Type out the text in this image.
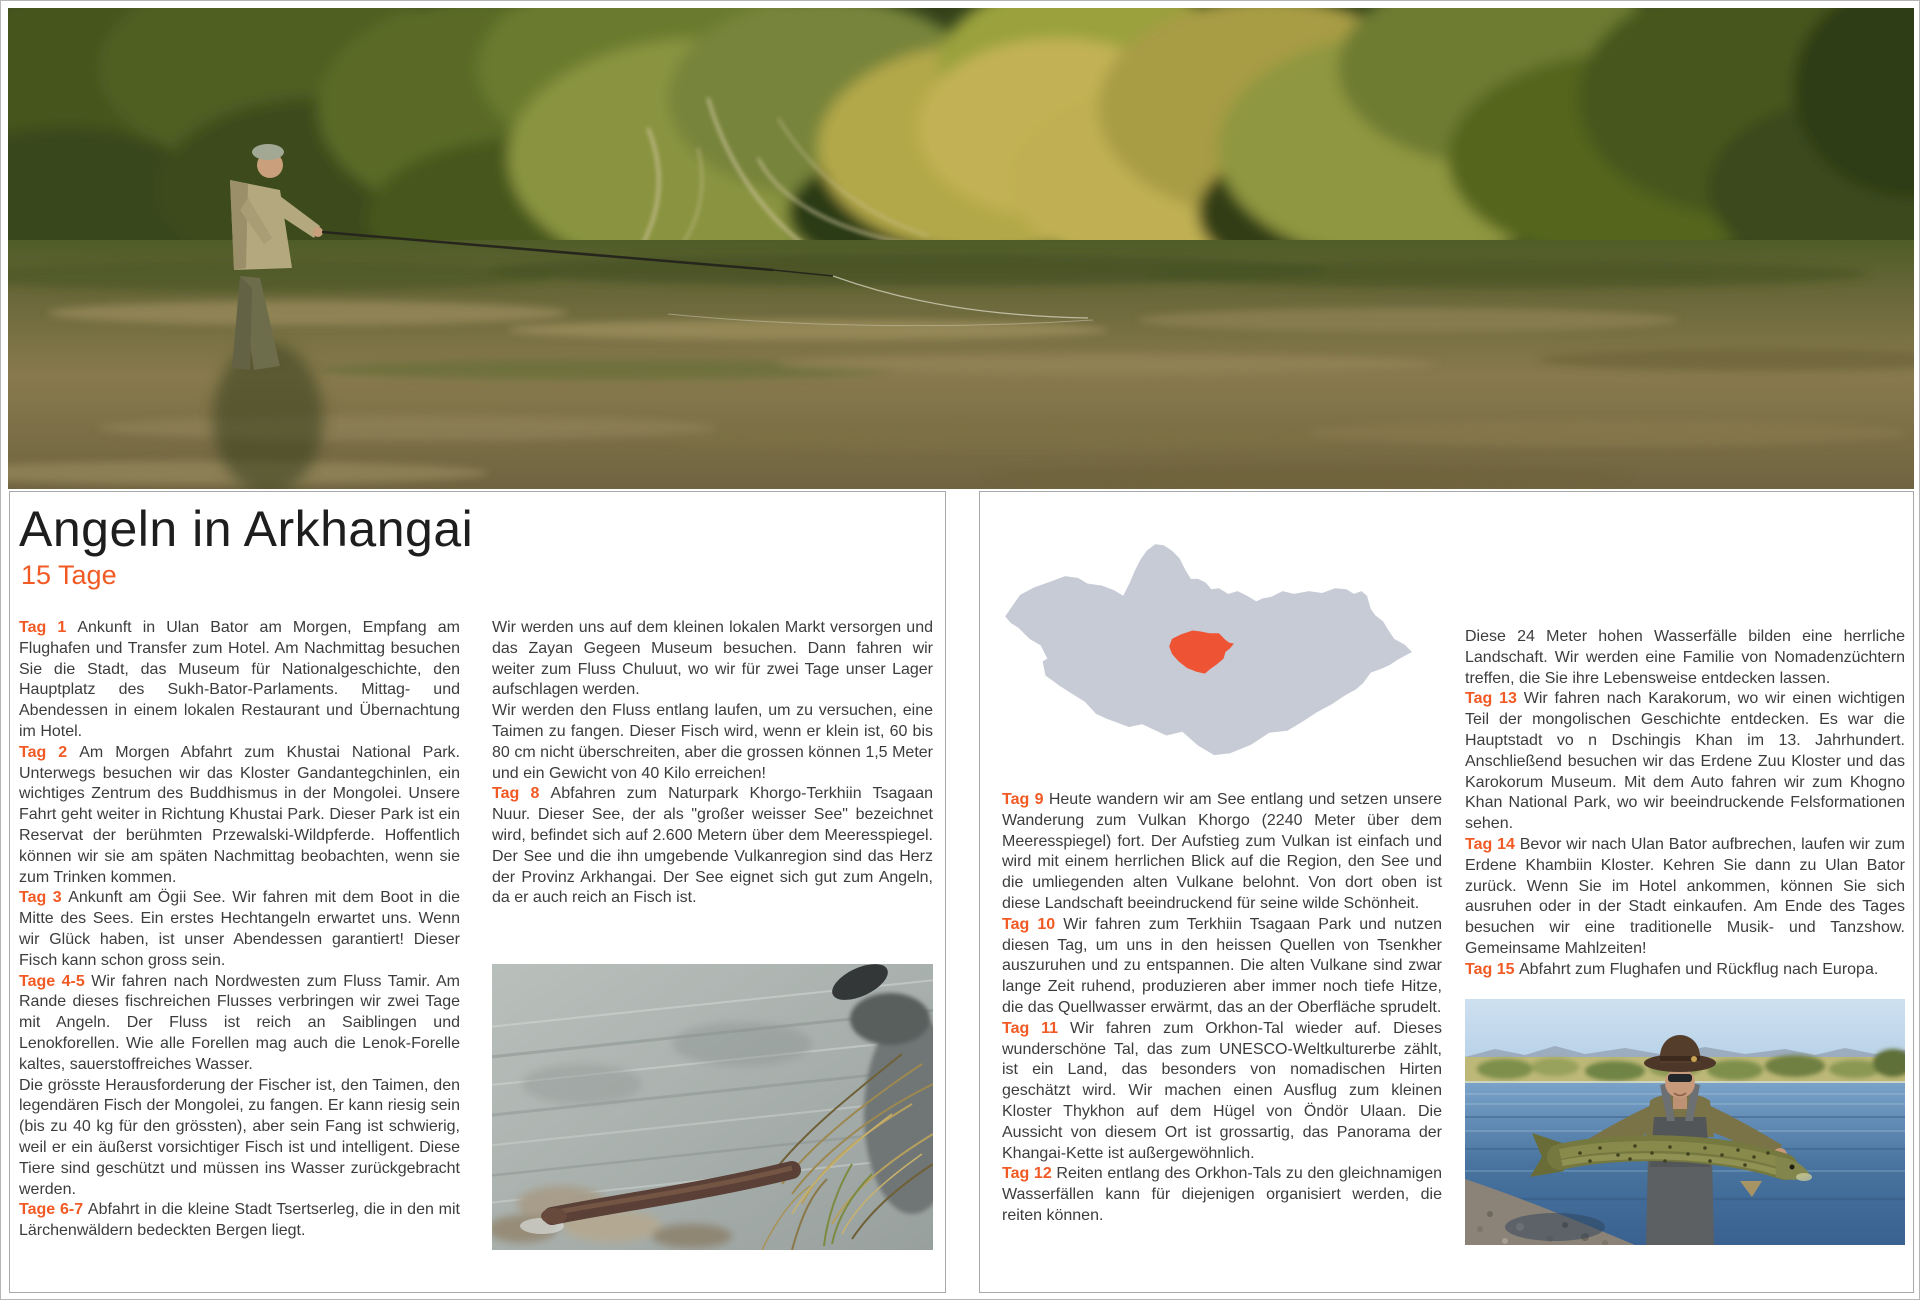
Angeln in Arkhangai
15 Tage

Tag 1 Ankunft in Ulan Bator am Morgen, Empfang am Flughafen und Transfer zum Hotel. Am Nachmittag besuchen Sie die Stadt, das Museum für Nationalgeschichte, den Hauptplatz des Sukh-Bator-Parlaments. Mittag- und Abendessen in einem lokalen Restaurant und Übernachtung im Hotel.

Tag 2 Am Morgen Abfahrt zum Khustai National Park. Unterwegs besuchen wir das Kloster Gandantegchinlen, ein wichtiges Zentrum des Buddhismus in der Mongolei. Unsere Fahrt geht weiter in Richtung Khustai Park. Dieser Park ist ein Reservat der berühmten Przewalski-Wildpferde. Hoffentlich können wir sie am späten Nachmittag beobachten, wenn sie zum Trinken kommen.

Tag 3 Ankunft am Ögii See. Wir fahren mit dem Boot in die Mitte des Sees. Ein erstes Hechtangeln erwartet uns. Wenn wir Glück haben, ist unser Abendessen garantiert! Dieser Fisch kann schon gross sein.

Tage 4-5 Wir fahren nach Nordwesten zum Fluss Tamir. Am Rande dieses fischreichen Flusses verbringen wir zwei Tage mit Angeln. Der Fluss ist reich an Saiblingen und Lenokforellen. Wie alle Forellen mag auch die Lenok-Forelle kaltes, sauerstoffreiches Wasser.

Die grösste Herausforderung der Fischer ist, den Taimen, den legendären Fisch der Mongolei, zu fangen. Er kann riesig sein (bis zu 40 kg für den grössten), aber sein Fang ist schwierig, weil er ein äußerst vorsichtiger Fisch ist und intelligent. Diese Tiere sind geschützt und müssen ins Wasser zurückgebracht werden.

Tage 6-7 Abfahrt in die kleine Stadt Tsertserleg, die in den mit Lärchenwäldern bedeckten Bergen liegt.

Wir werden uns auf dem kleinen lokalen Markt versorgen und das Zayan Gegeen Museum besuchen. Dann fahren wir weiter zum Fluss Chuluut, wo wir für zwei Tage unser Lager aufschlagen werden.

Wir werden den Fluss entlang laufen, um zu versuchen, eine Taimen zu fangen. Dieser Fisch wird, wenn er klein ist, 60 bis 80 cm nicht überschreiten, aber die grossen können 1,5 Meter und ein Gewicht von 40 Kilo erreichen!

Tag 8 Abfahren zum Naturpark Khorgo-Terkhiin Tsagaan Nuur. Dieser See, der als "großer weisser See" bezeichnet wird, befindet sich auf 2.600 Metern über dem Meeresspiegel. Der See und die ihn umgebende Vulkanregion sind das Herz der Provinz Arkhangai. Der See eignet sich gut zum Angeln, da er auch reich an Fisch ist.

Tag 9 Heute wandern wir am See entlang und setzen unsere Wanderung zum Vulkan Khorgo (2240 Meter über dem Meeresspiegel) fort. Der Aufstieg zum Vulkan ist einfach und wird mit einem herrlichen Blick auf die Region, den See und die umliegenden alten Vulkane belohnt. Von dort oben ist diese Landschaft beeindruckend für seine wilde Schönheit.

Tag 10 Wir fahren zum Terkhiin Tsagaan Park und nutzen diesen Tag, um uns in den heissen Quellen von Tsenkher auszuruhen und zu entspannen. Die alten Vulkane sind zwar lange Zeit ruhend, produzieren aber immer noch tiefe Hitze, die das Quellwasser erwärmt, das an der Oberfläche sprudelt.

Tag 11 Wir fahren zum Orkhon-Tal wieder auf. Dieses wunderschöne Tal, das zum UNESCO-Weltkulturerbe zählt, ist ein Land, das besonders von nomadischen Hirten geschätzt wird. Wir machen einen Ausflug zum kleinen Kloster Thykhon auf dem Hügel von Öndör Ulaan. Die Aussicht von diesem Ort ist grossartig, das Panorama der Khangai-Kette ist außergewöhnlich.

Tag 12 Reiten entlang des Orkhon-Tals zu den gleichnamigen Wasserfällen kann für diejenigen organisiert werden, die reiten können.

Diese 24 Meter hohen Wasserfälle bilden eine herrliche Landschaft. Wir werden eine Familie von Nomadenzüchtern treffen, die Sie ihre Lebensweise entdecken lassen.

Tag 13 Wir fahren nach Karakorum, wo wir einen wichtigen Teil der mongolischen Geschichte entdecken. Es war die Hauptstadt vo n Dschingis Khan im 13. Jahrhundert. Anschließend besuchen wir das Erdene Zuu Kloster und das Karokorum Museum. Mit dem Auto fahren wir zum Khogno Khan National Park, wo wir beeindruckende Felsformationen sehen.

Tag 14 Bevor wir nach Ulan Bator aufbrechen, laufen wir zum Erdene Khambiin Kloster. Kehren Sie dann zu Ulan Bator zurück. Wenn Sie im Hotel ankommen, können Sie sich ausruhen oder in der Stadt einkaufen. Am Ende des Tages besuchen wir eine traditionelle Musik- und Tanzshow. Gemeinsame Mahlzeiten!

Tag 15 Abfahrt zum Flughafen und Rückflug nach Europa.
